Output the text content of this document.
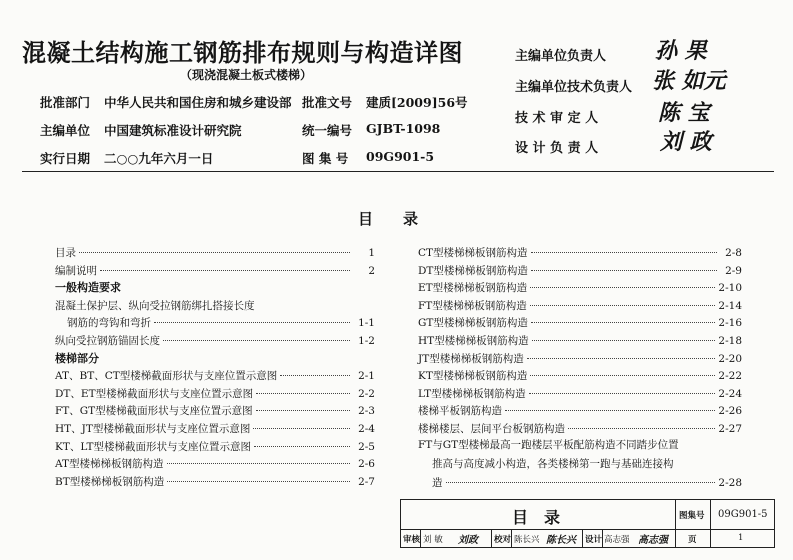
混凝土结构施工钢筋排布规则与构造详图
（现浇混凝土板式楼梯）
批准部门 中华人民共和国住房和城乡建设部 批准文号 建质[2009]56号
主编单位 中国建筑标准设计研究院	统一编号 GJBT-1098
实行日期 二○○九年六月一日	图 集 号 09G901-5
主编单位负责人 孙 果
主编单位技术负责人 张 如元
技 术 审 定 人	陈 宝
设 计 负 责 人	刘 政
目　　录
目录	1
编制说明	2
一般构造要求
混凝土保护层、纵向受拉钢筋绑扎搭接长度
钢筋的弯钩和弯折	1-1
纵向受拉钢筋锚固长度	1-2
楼梯部分
AT、BT、CT型楼梯截面形状与支座位置示意图	2-1
DT、ET型楼梯截面形状与支座位置示意图	2-2
FT、GT型楼梯截面形状与支座位置示意图	2-3
HT、JT型楼梯截面形状与支座位置示意图	2-4
KT、LT型楼梯截面形状与支座位置示意图	2-5
AT型楼梯梯板钢筋构造	2-6
BT型楼梯梯板钢筋构造	2-7
CT型楼梯梯板钢筋构造	2-8
DT型楼梯梯板钢筋构造	2-9
ET型楼梯梯板钢筋构造	2-10
FT型楼梯梯板钢筋构造	2-14
GT型楼梯梯板钢筋构造	2-16
HT型楼梯梯板钢筋构造	2-18
JT型楼梯梯板钢筋构造	2-20
KT型楼梯梯板钢筋构造	2-22
LT型楼梯梯板钢筋构造	2-24
楼梯平板钢筋构造	2-26
楼梯楼层、层间平台板钢筋构造	2-27
FT与GT型楼梯最高一跑楼层平板配筋构造不同踏步位置
推高与高度减小构造，各类楼梯第一跑与基础连接构
造	2-28
目　录	图集号 09G901-5
审核 刘 敏 刘政 校对 陈长兴 陈长兴 设计 高志强 高志强 页	1
